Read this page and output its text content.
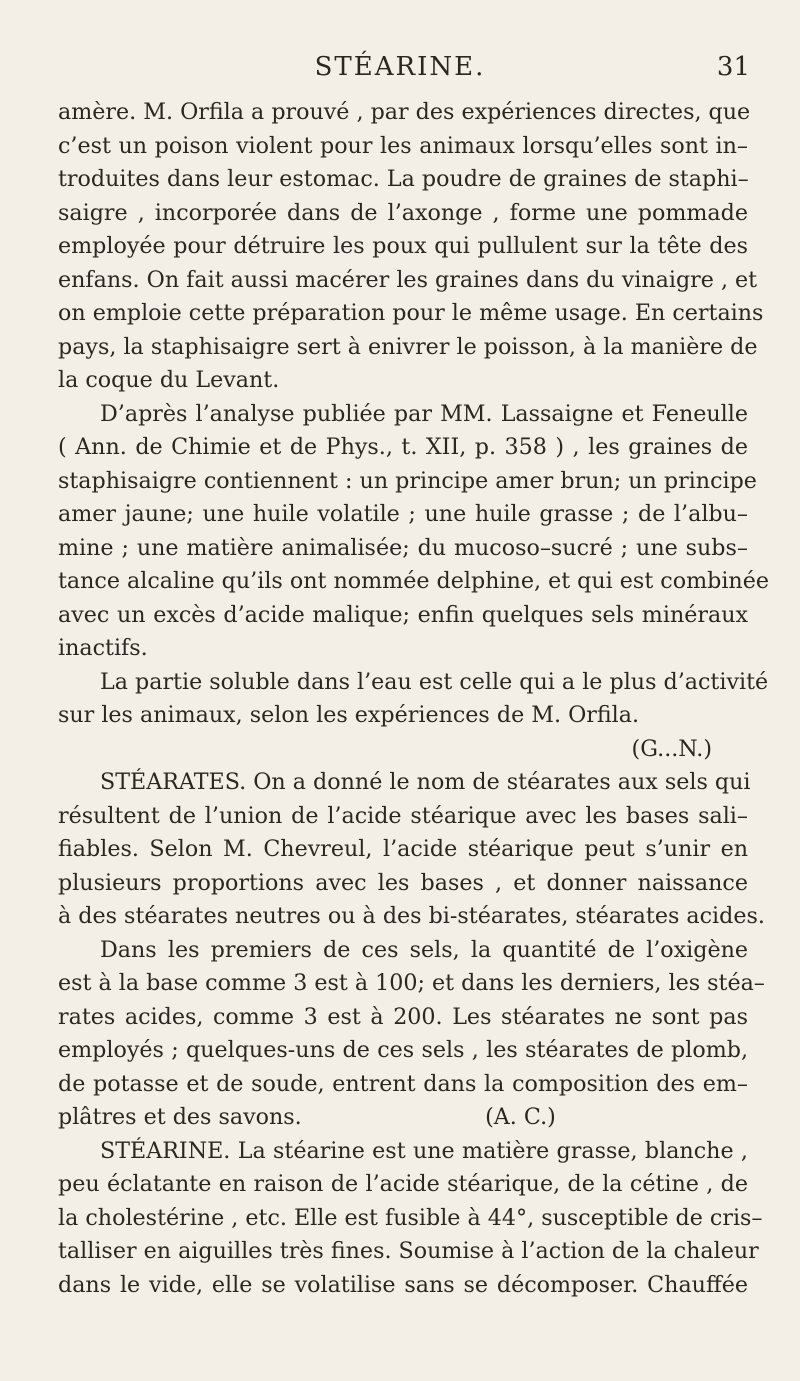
STÉARINE.	31
amère. M. Orfila a prouvé , par des expériences directes, que
c’est un poison violent pour les animaux lorsqu’elles sont in–
troduites dans leur estomac. La poudre de graines de staphi–
saigre , incorporée dans de l’axonge , forme une pommade
employée pour détruire les poux qui pullulent sur la tête des
enfans. On fait aussi macérer les graines dans du vinaigre , et
on emploie cette préparation pour le même usage. En certains
pays, la staphisaigre sert à enivrer le poisson, à la manière de
la coque du Levant.
D’après l’analyse publiée par MM. Lassaigne et Feneulle
( Ann. de Chimie et de Phys., t. XII, p. 358 ) , les graines de
staphisaigre contiennent : un principe amer brun; un principe
amer jaune; une huile volatile ; une huile grasse ; de l’albu–
mine ; une matière animalisée; du mucoso–sucré ; une subs–
tance alcaline qu’ils ont nommée delphine, et qui est combinée
avec un excès d’acide malique; enfin quelques sels minéraux
inactifs.
La partie soluble dans l’eau est celle qui a le plus d’activité
sur les animaux, selon les expériences de M. Orfila.
(G...N.)
STÉARATES. On a donné le nom de stéarates aux sels qui
résultent de l’union de l’acide stéarique avec les bases sali–
fiables. Selon M. Chevreul, l’acide stéarique peut s’unir en
plusieurs proportions avec les bases , et donner naissance
à des stéarates neutres ou à des bi-stéarates, stéarates acides.
Dans les premiers de ces sels, la quantité de l’oxigène
est à la base comme 3 est à 100; et dans les derniers, les stéa–
rates acides, comme 3 est à 200. Les stéarates ne sont pas
employés ; quelques-uns de ces sels , les stéarates de plomb,
de potasse et de soude, entrent dans la composition des em–
plâtres et des savons.                          (A. C.)
STÉARINE. La stéarine est une matière grasse, blanche ,
peu éclatante en raison de l’acide stéarique, de la cétine , de
la cholestérine , etc. Elle est fusible à 44°, susceptible de cris–
talliser en aiguilles très fines. Soumise à l’action de la chaleur
dans le vide, elle se volatilise sans se décomposer. Chauffée
